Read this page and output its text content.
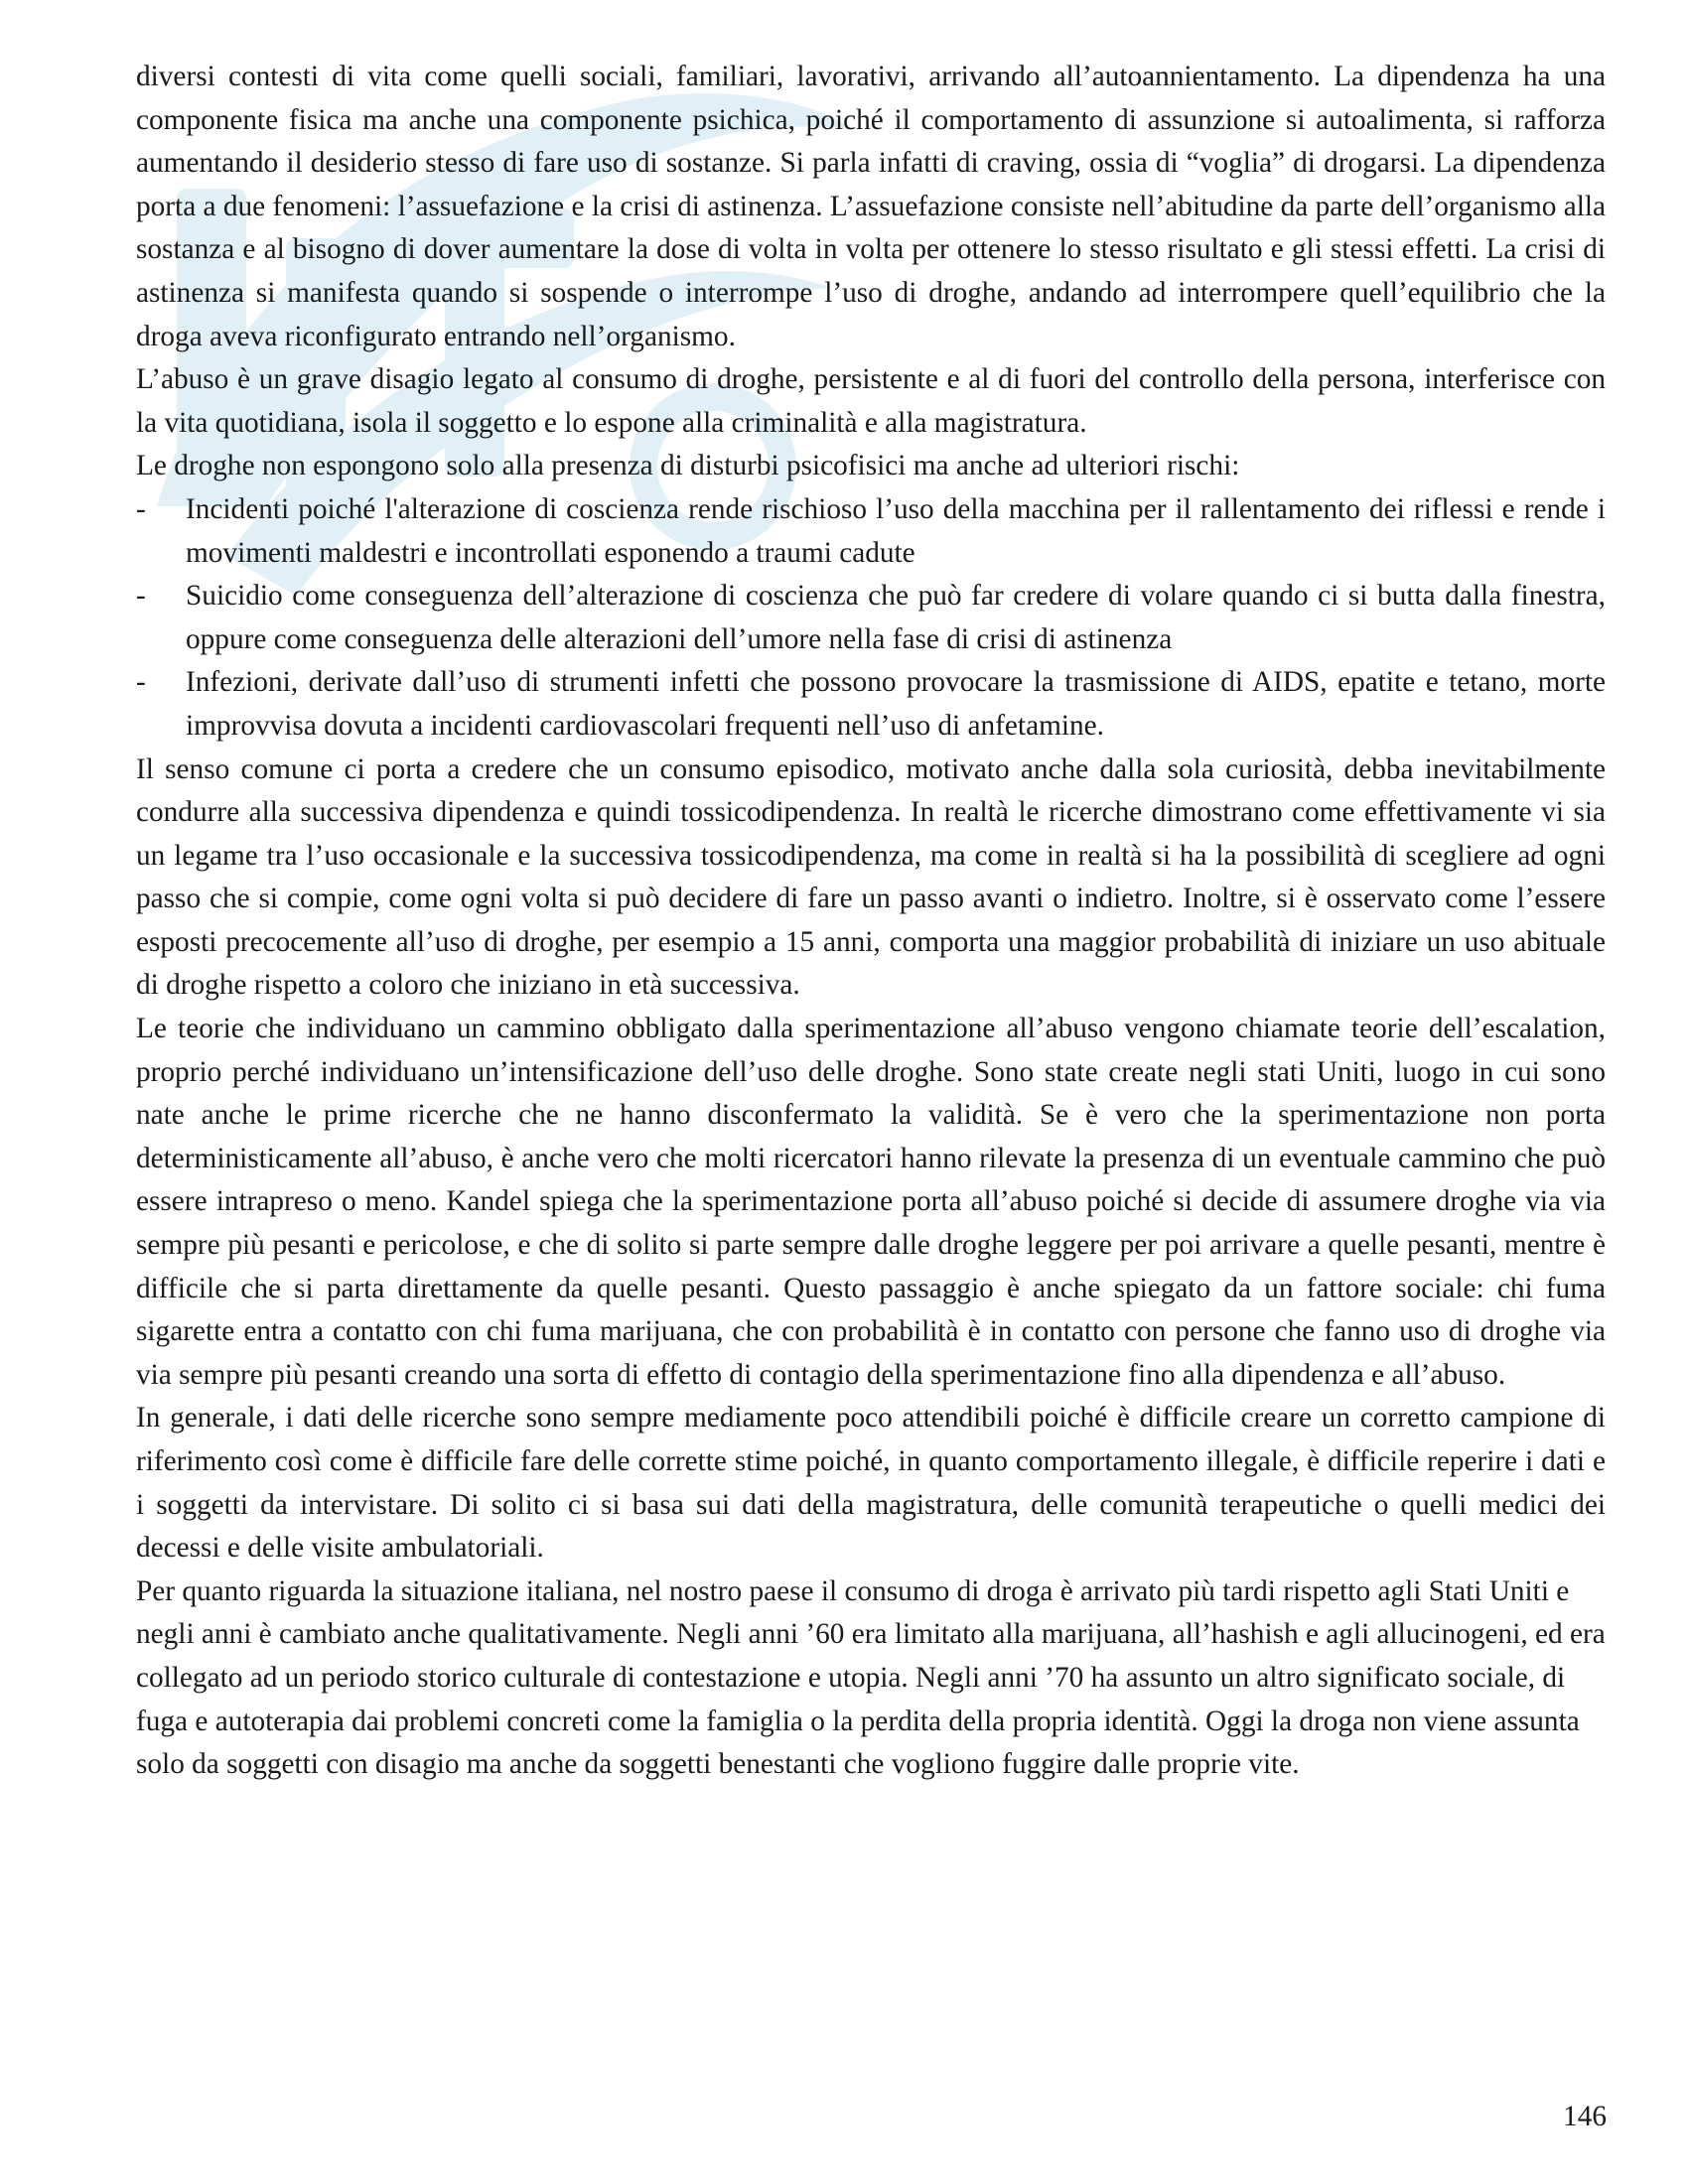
diversi contesti di vita come quelli sociali, familiari, lavorativi, arrivando all’autoannientamento. La dipendenza ha una componente fisica ma anche una componente psichica, poiché il comportamento di assunzione si autoalimenta, si rafforza aumentando il desiderio stesso di fare uso di sostanze. Si parla infatti di craving, ossia di “voglia” di drogarsi. La dipendenza porta a due fenomeni: l’assuefazione e la crisi di astinenza. L’assuefazione consiste nell’abitudine da parte dell’organismo alla sostanza e al bisogno di dover aumentare la dose di volta in volta per ottenere lo stesso risultato e gli stessi effetti. La crisi di astinenza si manifesta quando si sospende o interrompe l’uso di droghe, andando ad interrompere quell’equilibrio che la droga aveva riconfigurato entrando nell’organismo.

L’abuso è un grave disagio legato al consumo di droghe, persistente e al di fuori del controllo della persona, interferisce con la vita quotidiana, isola il soggetto e lo espone alla criminalità e alla magistratura.

Le droghe non espongono solo alla presenza di disturbi psicofisici ma anche ad ulteriori rischi:

- Incidenti poiché l'alterazione di coscienza rende rischioso l’uso della macchina per il rallentamento dei riflessi e rende i movimenti maldestri e incontrollati esponendo a traumi cadute
- Suicidio come conseguenza dell’alterazione di coscienza che può far credere di volare quando ci si butta dalla finestra, oppure come conseguenza delle alterazioni dell’umore nella fase di crisi di astinenza
- Infezioni, derivate dall’uso di strumenti infetti che possono provocare la trasmissione di AIDS, epatite e tetano, morte improvvisa dovuta a incidenti cardiovascolari frequenti nell’uso di anfetamine.

Il senso comune ci porta a credere che un consumo episodico, motivato anche dalla sola curiosità, debba inevitabilmente condurre alla successiva dipendenza e quindi tossicodipendenza. In realtà le ricerche dimostrano come effettivamente vi sia un legame tra l’uso occasionale e la successiva tossicodipendenza, ma come in realtà si ha la possibilità di scegliere ad ogni passo che si compie, come ogni volta si può decidere di fare un passo avanti o indietro. Inoltre, si è osservato come l’essere esposti precocemente all’uso di droghe, per esempio a 15 anni, comporta una maggior probabilità di iniziare un uso abituale di droghe rispetto a coloro che iniziano in età successiva.

Le teorie che individuano un cammino obbligato dalla sperimentazione all’abuso vengono chiamate teorie dell’escalation, proprio perché individuano un’intensificazione dell’uso delle droghe. Sono state create negli stati Uniti, luogo in cui sono nate anche le prime ricerche che ne hanno disconfermato la validità. Se è vero che la sperimentazione non porta deterministicamente all’abuso, è anche vero che molti ricercatori hanno rilevate la presenza di un eventuale cammino che può essere intrapreso o meno. Kandel spiega che la sperimentazione porta all’abuso poiché si decide di assumere droghe via via sempre più pesanti e pericolose, e che di solito si parte sempre dalle droghe leggere per poi arrivare a quelle pesanti, mentre è difficile che si parta direttamente da quelle pesanti. Questo passaggio è anche spiegato da un fattore sociale: chi fuma sigarette entra a contatto con chi fuma marijuana, che con probabilità è in contatto con persone che fanno uso di droghe via via sempre più pesanti creando una sorta di effetto di contagio della sperimentazione fino alla dipendenza e all’abuso.

In generale, i dati delle ricerche sono sempre mediamente poco attendibili poiché è difficile creare un corretto campione di riferimento così come è difficile fare delle corrette stime poiché, in quanto comportamento illegale, è difficile reperire i dati e i soggetti da intervistare. Di solito ci si basa sui dati della magistratura, delle comunità terapeutiche o quelli medici dei decessi e delle visite ambulatoriali.

Per quanto riguarda la situazione italiana, nel nostro paese il consumo di droga è arrivato più tardi rispetto agli Stati Uniti e negli anni è cambiato anche qualitativamente. Negli anni ’60 era limitato alla marijuana, all’hashish e agli allucinogeni, ed era collegato ad un periodo storico culturale di contestazione e utopia. Negli anni ’70 ha assunto un altro significato sociale, di fuga e autoterapia dai problemi concreti come la famiglia o la perdita della propria identità. Oggi la droga non viene assunta solo da soggetti con disagio ma anche da soggetti benestanti che vogliono fuggire dalle proprie vite.

146
